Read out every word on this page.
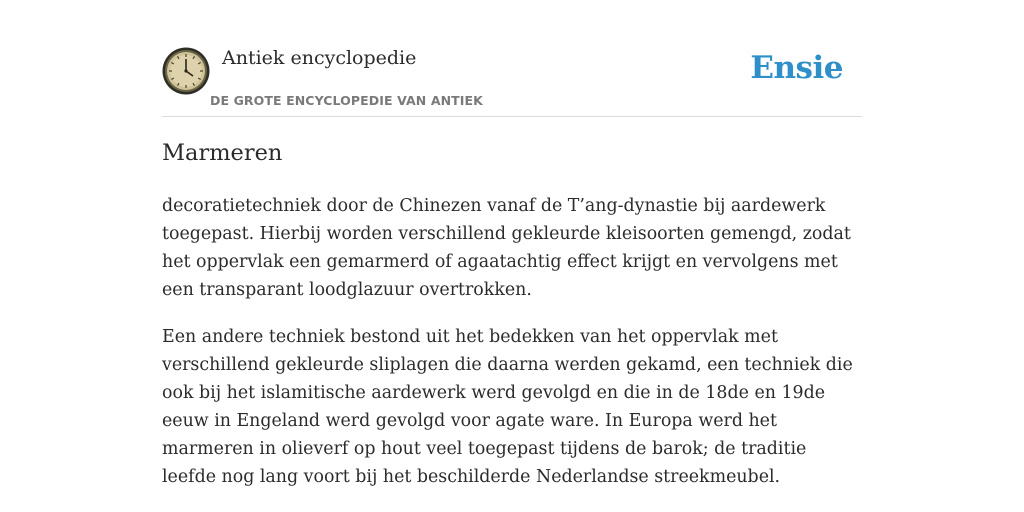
Antiek encyclopedie
DE GROTE ENCYCLOPEDIE VAN ANTIEK
Ensie
Marmeren

decoratietechniek door de Chinezen vanaf de T’ang-dynastie bij aardewerk toegepast. Hierbij worden verschillend gekleurde kleisoorten gemengd, zodat het oppervlak een gemarmerd of agaatachtig effect krijgt en vervolgens met een transparant loodglazuur overtrokken.

Een andere techniek bestond uit het bedekken van het oppervlak met verschillend gekleurde sliplagen die daarna werden gekamd, een techniek die ook bij het islamitische aardewerk werd gevolgd en die in de 18de en 19de eeuw in Engeland werd gevolgd voor agate ware. In Europa werd het marmeren in olieverf op hout veel toegepast tijdens de barok; de traditie leefde nog lang voort bij het beschilderde Nederlandse streekmeubel.
